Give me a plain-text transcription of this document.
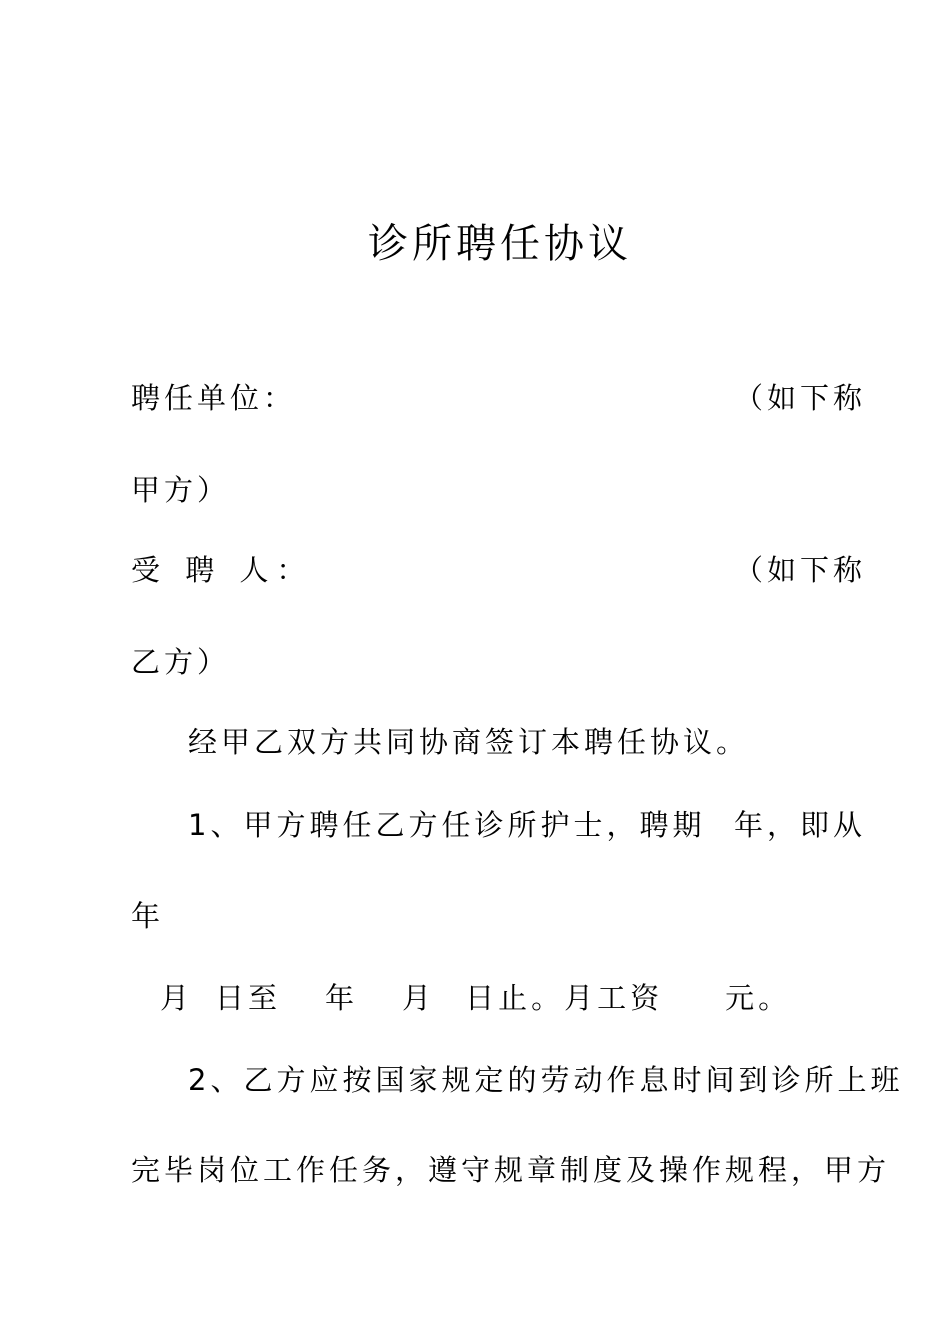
诊所聘任协议
聘任单位：	（如下称
甲方）
受 聘 人：	（如下称
乙方）
经甲乙双方共同协商签订本聘任协议。
1、甲方聘任乙方任诊所护士，聘期 年，即从
年
月 日至 年 月 日止。月工资 元。
2、乙方应按国家规定的劳动作息时间到诊所上班
完毕岗位工作任务，遵守规章制度及操作规程，甲方
